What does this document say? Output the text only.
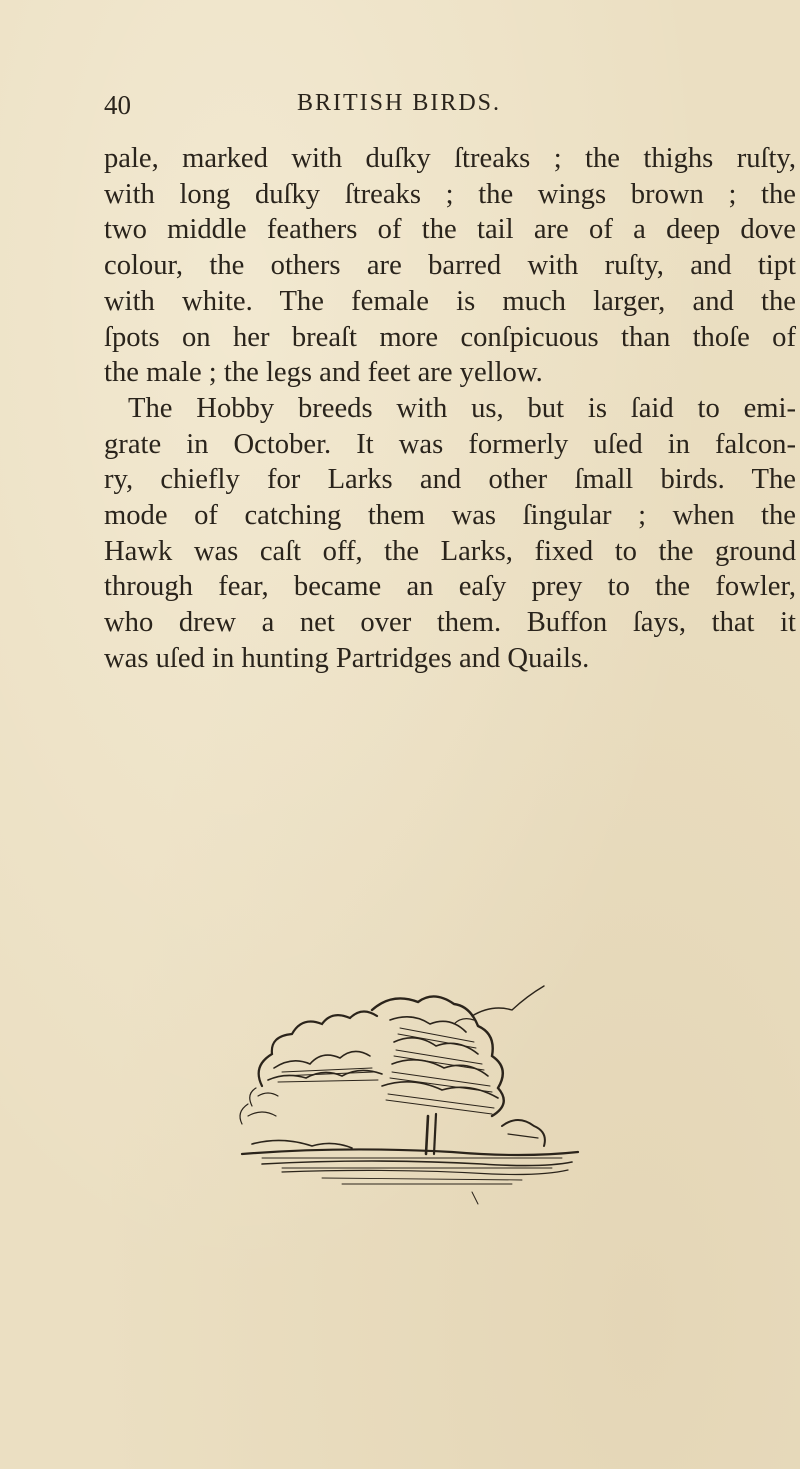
40	BRITISH BIRDS.
pale, marked with duſky ſtreaks ; the thighs ruſty,
with long duſky ſtreaks ; the wings brown ; the
two middle feathers of the tail are of a deep dove
colour, the others are barred with ruſty, and tipt
with white. The female is much larger, and the
ſpots on her breaſt more conſpicuous than thoſe of
the male ; the legs and feet are yellow.
The Hobby breeds with us, but is ſaid to emi-
grate in October. It was formerly uſed in falcon-
ry, chiefly for Larks and other ſmall birds. The
mode of catching them was ſingular ; when the
Hawk was caſt off, the Larks, fixed to the ground
through fear, became an eaſy prey to the fowler,
who drew a net over them. Buffon ſays, that it
was uſed in hunting Partridges and Quails.
